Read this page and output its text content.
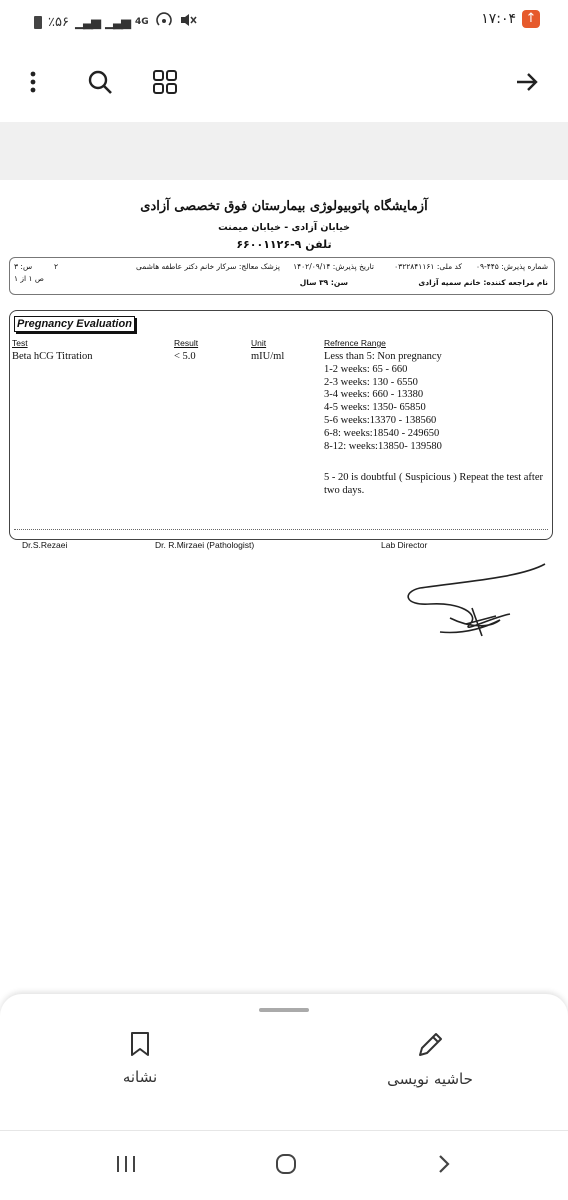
٪۵۶ ▁▃▅ ▁▃▅ 4G	۱۷:۰۴ ↑
آزمایشگاه پاتوبیولوژی بیمارستان فوق تخصصی آزادی
خیابان آزادی - خیابان میمنت
تلفن ۹-۶۶۰۰۱۱۲۶
شماره پذیرش: ۴۴۵-۰۹
کد ملی: ۰۳۲۲۸۴۱۱۶۱
تاریخ پذیرش: ۱۴۰۲/۰۹/۱۴
پزشک معالج: سرکار خانم دکتر عاطفه هاشمی
۲
س: ۳
نام مراجعه کننده: خانم سمیه آزادی
سن: ۳۹ سال
ص ۱ از ۱
Pregnancy Evaluation
Test	Result	Unit	Refrence Range
Beta hCG Titration	< 5.0	mIU/ml	Less than 5: Non pregnancy
1-2 weeks: 65 - 660
2-3 weeks: 130 - 6550
3-4 weeks: 660 - 13380
4-5 weeks: 1350- 65850
5-6 weeks:13370 - 138560
6-8: weeks:18540 - 249650
8-12: weeks:13850- 139580
5 - 20 is doubtful ( Suspicious ) Repeat the test after two days.
Dr.S.Rezaei	Dr. R.Mirzaei (Pathologist)	Lab Director
نشانه	حاشیه نویسی
